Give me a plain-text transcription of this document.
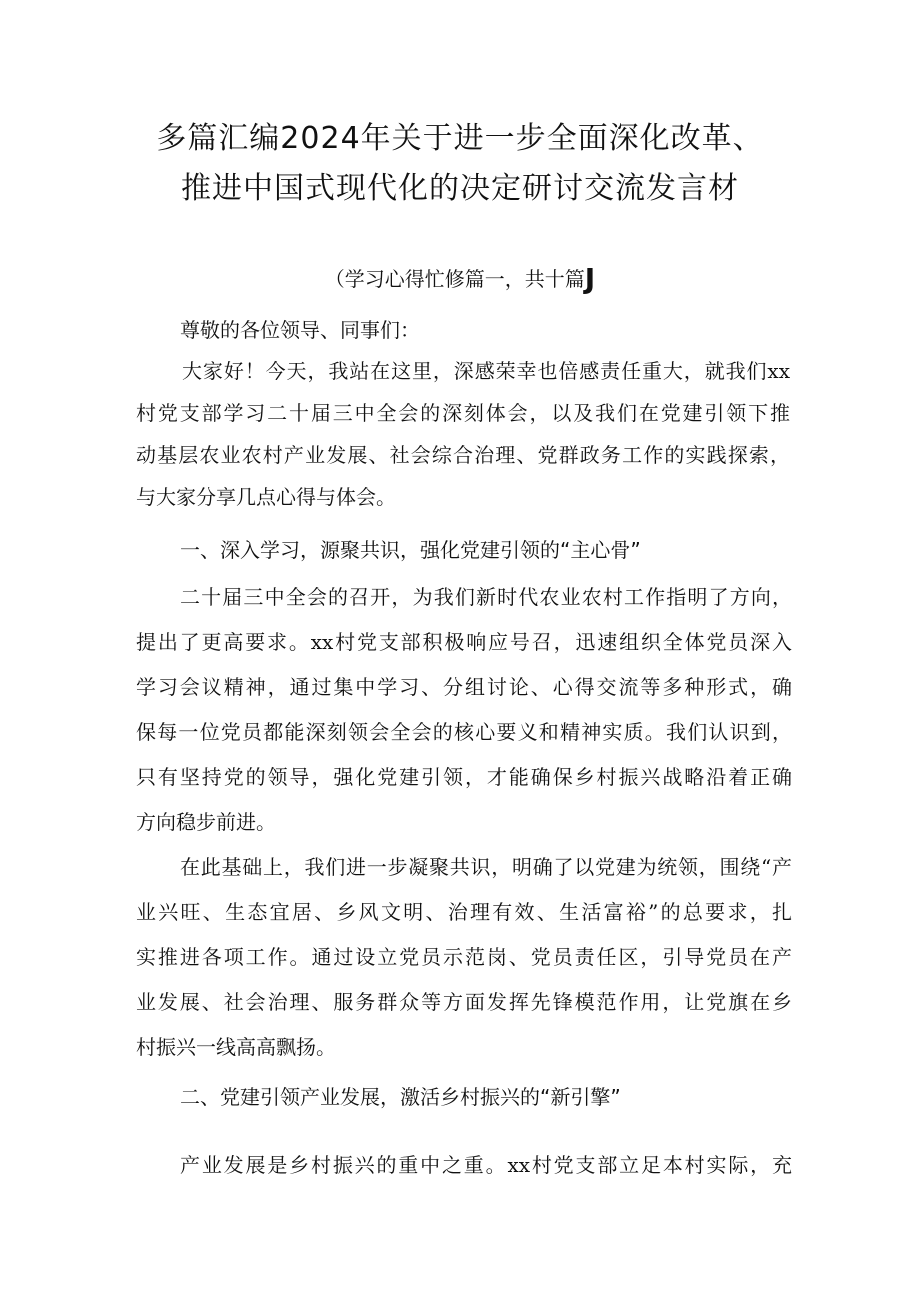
多篇汇编2024年关于进一步全面深化改革、
推进中国式现代化的决定研讨交流发言材
（学习心得忙修篇一，共十篇J
尊敬的各位领导、同事们：
大家好！今天，我站在这里，深感荣幸也倍感责任重大，就我们xx
村党支部学习二十届三中全会的深刻体会，以及我们在党建引领下推
动基层农业农村产业发展、社会综合治理、党群政务工作的实践探索，
与大家分享几点心得与体会。
一、深入学习，源聚共识，强化党建引领的“主心骨”
二十届三中全会的召开，为我们新时代农业农村工作指明了方向，
提出了更高要求。xx村党支部积极响应号召，迅速组织全体党员深入
学习会议精神，通过集中学习、分组讨论、心得交流等多种形式，确
保每一位党员都能深刻领会全会的核心要义和精神实质。我们认识到，
只有坚持党的领导，强化党建引领，才能确保乡村振兴战略沿着正确
方向稳步前进。
在此基础上，我们进一步凝聚共识，明确了以党建为统领，围绕“产
业兴旺、生态宜居、乡风文明、治理有效、生活富裕”的总要求，扎
实推进各项工作。通过设立党员示范岗、党员责任区，引导党员在产
业发展、社会治理、服务群众等方面发挥先锋模范作用，让党旗在乡
村振兴一线高高飘扬。
二、党建引领产业发展，激活乡村振兴的“新引擎”
产业发展是乡村振兴的重中之重。xx村党支部立足本村实际，充
